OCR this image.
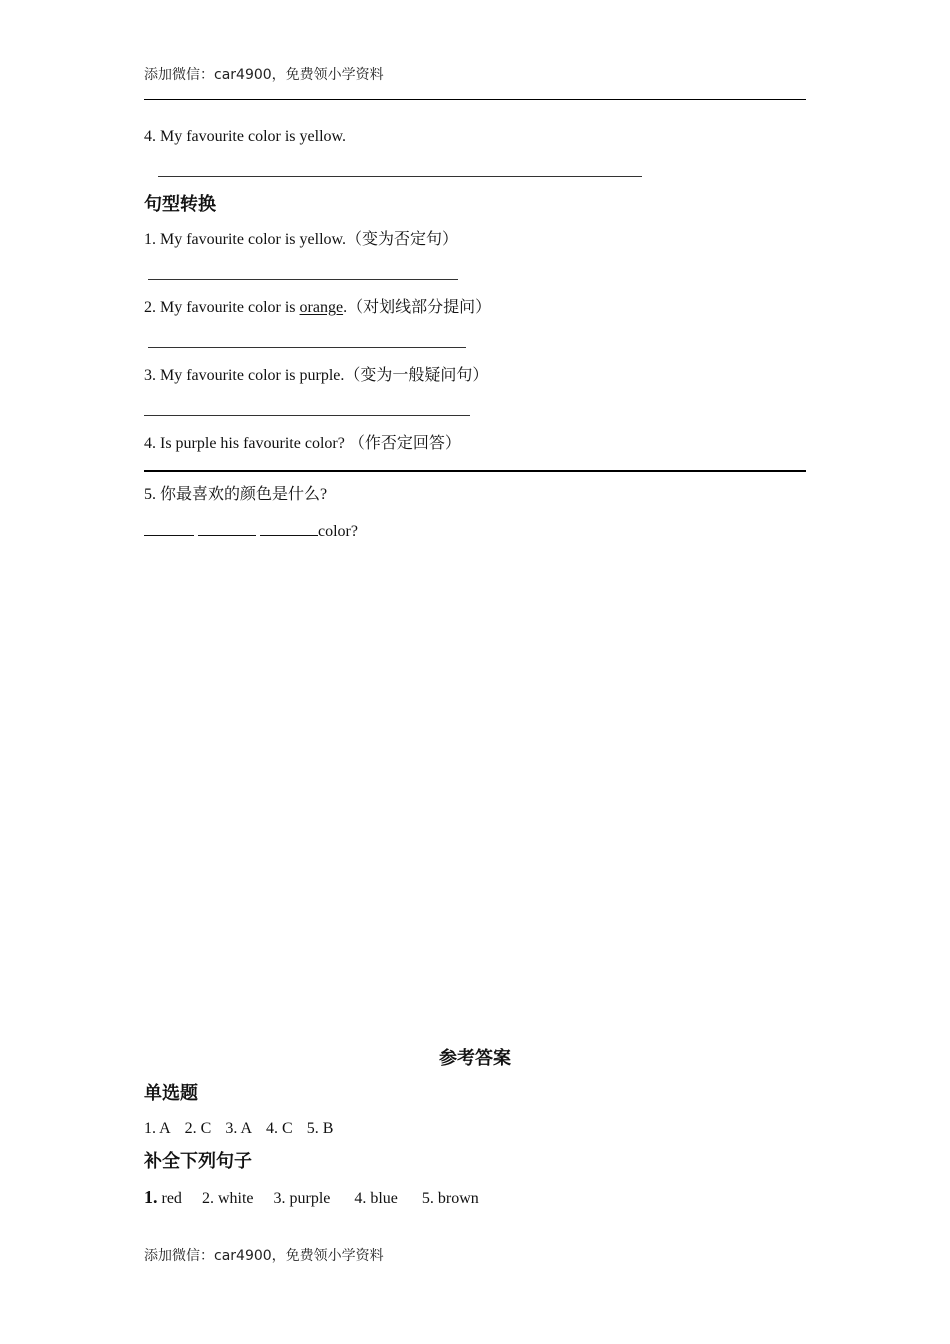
添加微信：car4900，免费领小学资料
4. My favourite color is yellow.
句型转换
1. My favourite color is yellow.（变为否定句）
2. My favourite color is orange.（对划线部分提问）
3. My favourite color is purple.（变为一般疑问句）
4. Is purple his favourite color? （作否定回答）
5. 你最喜欢的颜色是什么?
color?
参考答案
单选题
1. A 2. C 3. A 4. C 5. B
补全下列句子
1. red 2. white 3. purple 4. blue 5. brown
添加微信：car4900，免费领小学资料
